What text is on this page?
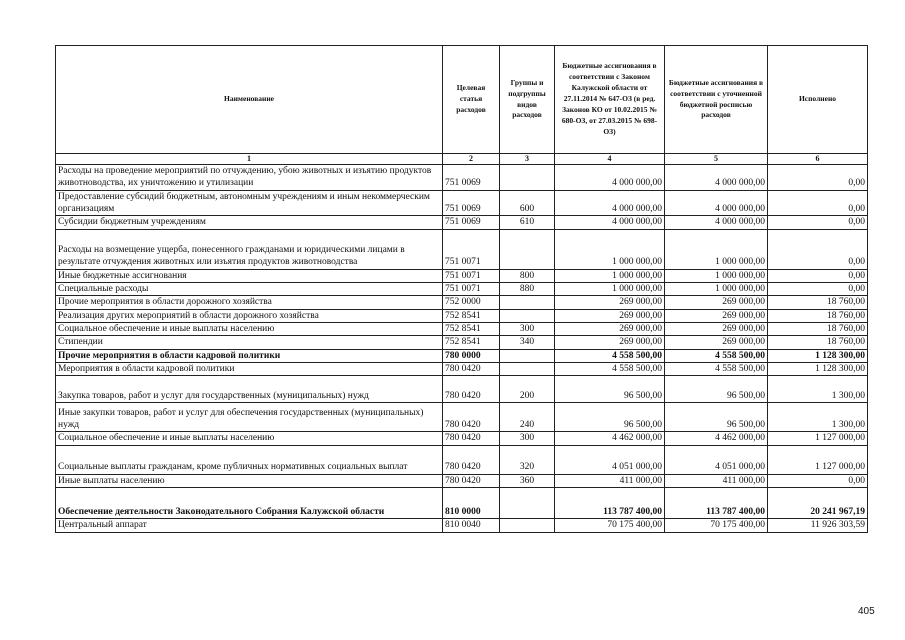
Наименование	Целевая статья расходов	Группы и подгруппы видов расходов	Бюджетные ассигнования в соответствии с Законом Калужской области от 27.11.2014 № 647-ОЗ (в ред. Законов КО от 10.02.2015 № 680-ОЗ, от 27.03.2015 № 698-ОЗ)	Бюджетные ассигнования в соответствии с уточненной бюджетной росписью расходов	Исполнено
1	2	3	4	5	6
Расходы на проведение мероприятий по отчуждению, убою животных и изъятию продуктов животноводства, их уничтожению и утилизации	751 0069		4 000 000,00	4 000 000,00	0,00
Предоставление субсидий бюджетным, автономным учреждениям и иным некоммерческим организациям	751 0069	600	4 000 000,00	4 000 000,00	0,00
Субсидии бюджетным учреждениям	751 0069	610	4 000 000,00	4 000 000,00	0,00
Расходы на возмещение ущерба, понесенного гражданами и юридическими лицами в результате отчуждения животных или изъятия продуктов животноводства	751 0071		1 000 000,00	1 000 000,00	0,00
Иные бюджетные ассигнования	751 0071	800	1 000 000,00	1 000 000,00	0,00
Специальные расходы	751 0071	880	1 000 000,00	1 000 000,00	0,00
Прочие мероприятия в области дорожного хозяйства	752 0000		269 000,00	269 000,00	18 760,00
Реализация других мероприятий в области дорожного хозяйства	752 8541		269 000,00	269 000,00	18 760,00
Социальное обеспечение и иные выплаты населению	752 8541	300	269 000,00	269 000,00	18 760,00
Стипендии	752 8541	340	269 000,00	269 000,00	18 760,00
Прочие мероприятия в области кадровой политики	780 0000		4 558 500,00	4 558 500,00	1 128 300,00
Мероприятия в области кадровой политики	780 0420		4 558 500,00	4 558 500,00	1 128 300,00
Закупка товаров, работ и услуг для государственных (муниципальных) нужд	780 0420	200	96 500,00	96 500,00	1 300,00
Иные закупки товаров, работ и услуг для обеспечения государственных (муниципальных) нужд	780 0420	240	96 500,00	96 500,00	1 300,00
Социальное обеспечение и иные выплаты населению	780 0420	300	4 462 000,00	4 462 000,00	1 127 000,00
Социальные выплаты гражданам, кроме публичных нормативных социальных выплат	780 0420	320	4 051 000,00	4 051 000,00	1 127 000,00
Иные выплаты населению	780 0420	360	411 000,00	411 000,00	0,00
Обеспечение деятельности Законодательного Собрания Калужской области	810 0000		113 787 400,00	113 787 400,00	20 241 967,19
Центральный аппарат	810 0040		70 175 400,00	70 175 400,00	11 926 303,59
405
